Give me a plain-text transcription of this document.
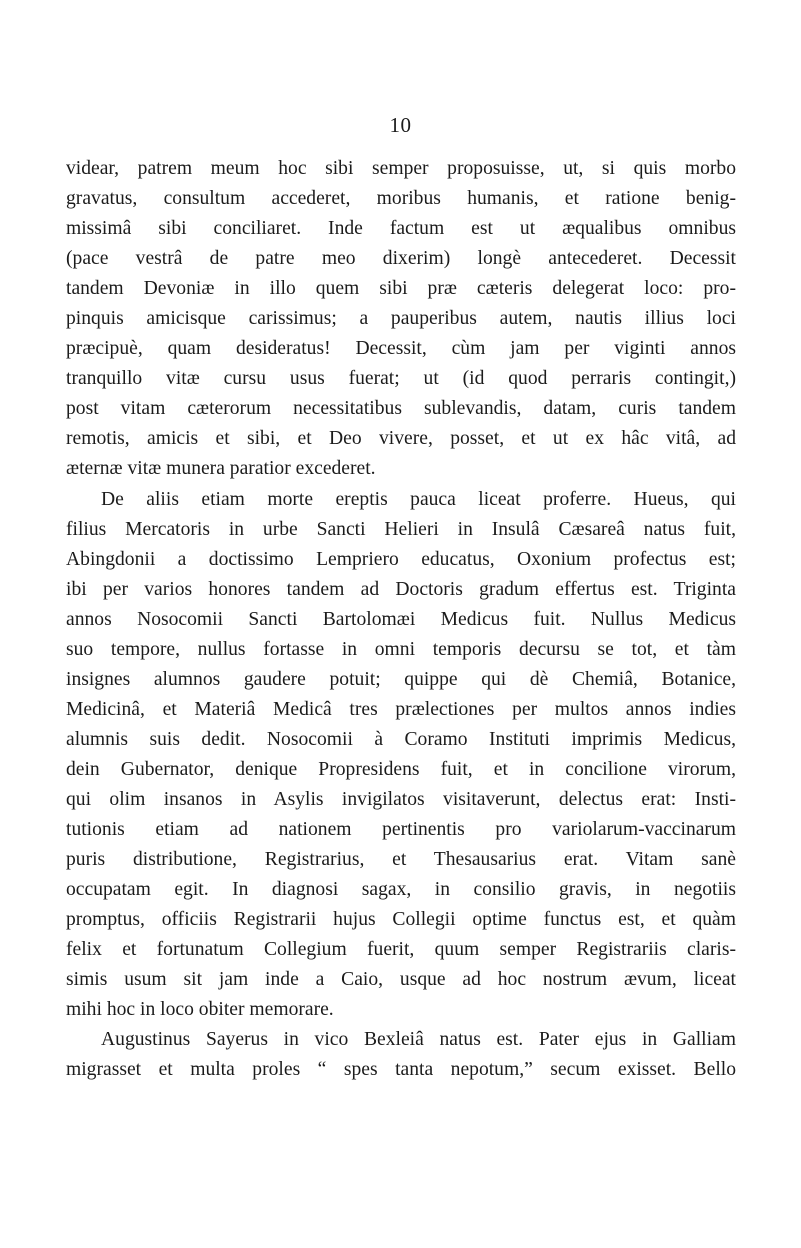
10
videar, patrem meum hoc sibi semper proposuisse, ut, si quis morbo
gravatus, consultum accederet, moribus humanis, et ratione benig-
missimâ sibi conciliaret. Inde factum est ut æqualibus omnibus
(pace vestrâ de patre meo dixerim) longè antecederet. Decessit
tandem Devoniæ in illo quem sibi præ cæteris delegerat loco: pro-
pinquis amicisque carissimus; a pauperibus autem, nautis illius loci
præcipuè, quam desideratus! Decessit, cùm jam per viginti annos
tranquillo vitæ cursu usus fuerat; ut (id quod perraris contingit,)
post vitam cæterorum necessitatibus sublevandis, datam, curis tandem
remotis, amicis et sibi, et Deo vivere, posset, et ut ex hâc vitâ, ad
æternæ vitæ munera paratior excederet.
De aliis etiam morte ereptis pauca liceat proferre. Hueus, qui
filius Mercatoris in urbe Sancti Helieri in Insulâ Cæsareâ natus fuit,
Abingdonii a doctissimo Lempriero educatus, Oxonium profectus est;
ibi per varios honores tandem ad Doctoris gradum effertus est. Triginta
annos Nosocomii Sancti Bartolomæi Medicus fuit. Nullus Medicus
suo tempore, nullus fortasse in omni temporis decursu se tot, et tàm
insignes alumnos gaudere potuit; quippe qui dè Chemiâ, Botanice,
Medicinâ, et Materiâ Medicâ tres prælectiones per multos annos indies
alumnis suis dedit. Nosocomii à Coramo Instituti imprimis Medicus,
dein Gubernator, denique Propresidens fuit, et in concilione virorum,
qui olim insanos in Asylis invigilatos visitaverunt, delectus erat: Insti-
tutionis etiam ad nationem pertinentis pro variolarum-vaccinarum
puris distributione, Registrarius, et Thesausarius erat. Vitam sanè
occupatam egit. In diagnosi sagax, in consilio gravis, in negotiis
promptus, officiis Registrarii hujus Collegii optime functus est, et quàm
felix et fortunatum Collegium fuerit, quum semper Registrariis claris-
simis usum sit jam inde a Caio, usque ad hoc nostrum ævum, liceat
mihi hoc in loco obiter memorare.
Augustinus Sayerus in vico Bexleiâ natus est. Pater ejus in Galliam
migrasset et multa proles “ spes tanta nepotum,” secum exisset. Bello
